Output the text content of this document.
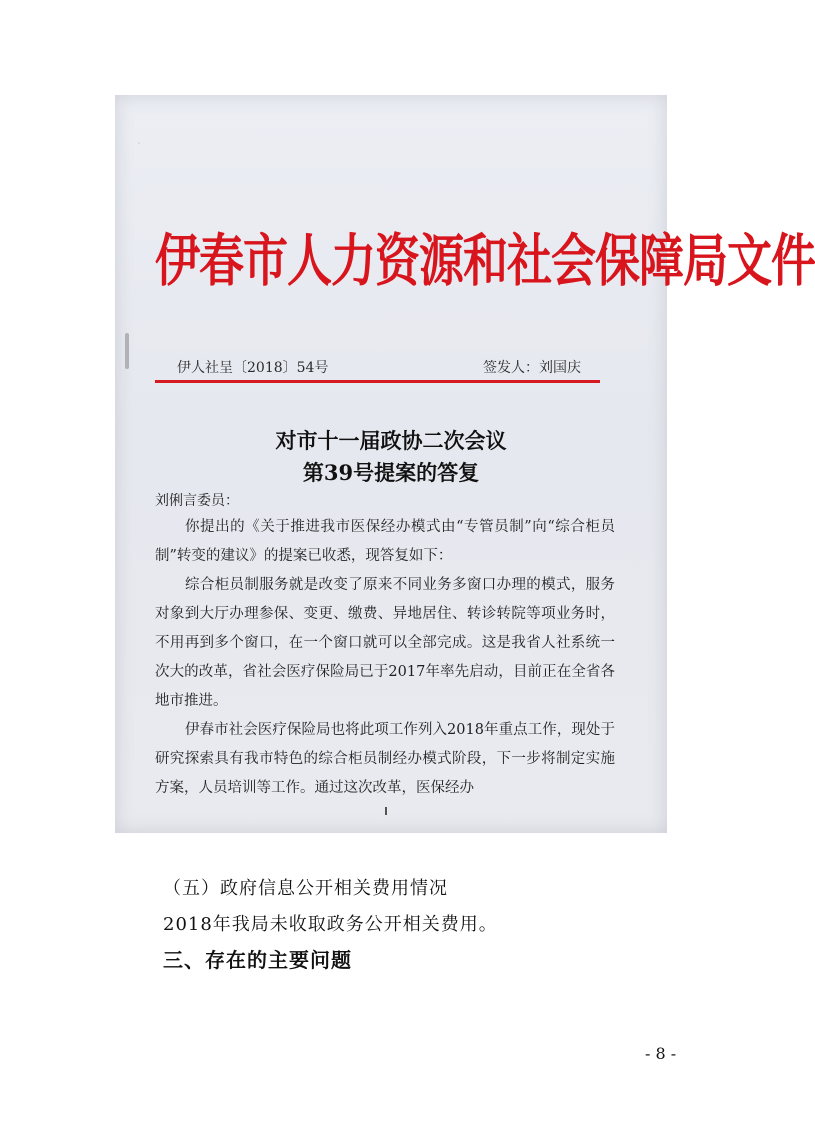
·
伊春市人力资源和社会保障局文件
伊人社呈〔2018〕54号	签发人：刘国庆
对市十一届政协二次会议
第39号提案的答复
刘俐言委员：
你提出的《关于推进我市医保经办模式由“专管员制”向“综合柜员制”转变的建议》的提案已收悉，现答复如下：
综合柜员制服务就是改变了原来不同业务多窗口办理的模式，服务对象到大厅办理参保、变更、缴费、异地居住、转诊转院等项业务时，不用再到多个窗口，在一个窗口就可以全部完成。这是我省人社系统一次大的改革，省社会医疗保险局已于2017年率先启动，目前正在全省各地市推进。
伊春市社会医疗保险局也将此项工作列入2018年重点工作，现处于研究探索具有我市特色的综合柜员制经办模式阶段，下一步将制定实施方案，人员培训等工作。通过这次改革，医保经办
（五）政府信息公开相关费用情况
2018年我局未收取政务公开相关费用。
三、存在的主要问题
- 8 -
